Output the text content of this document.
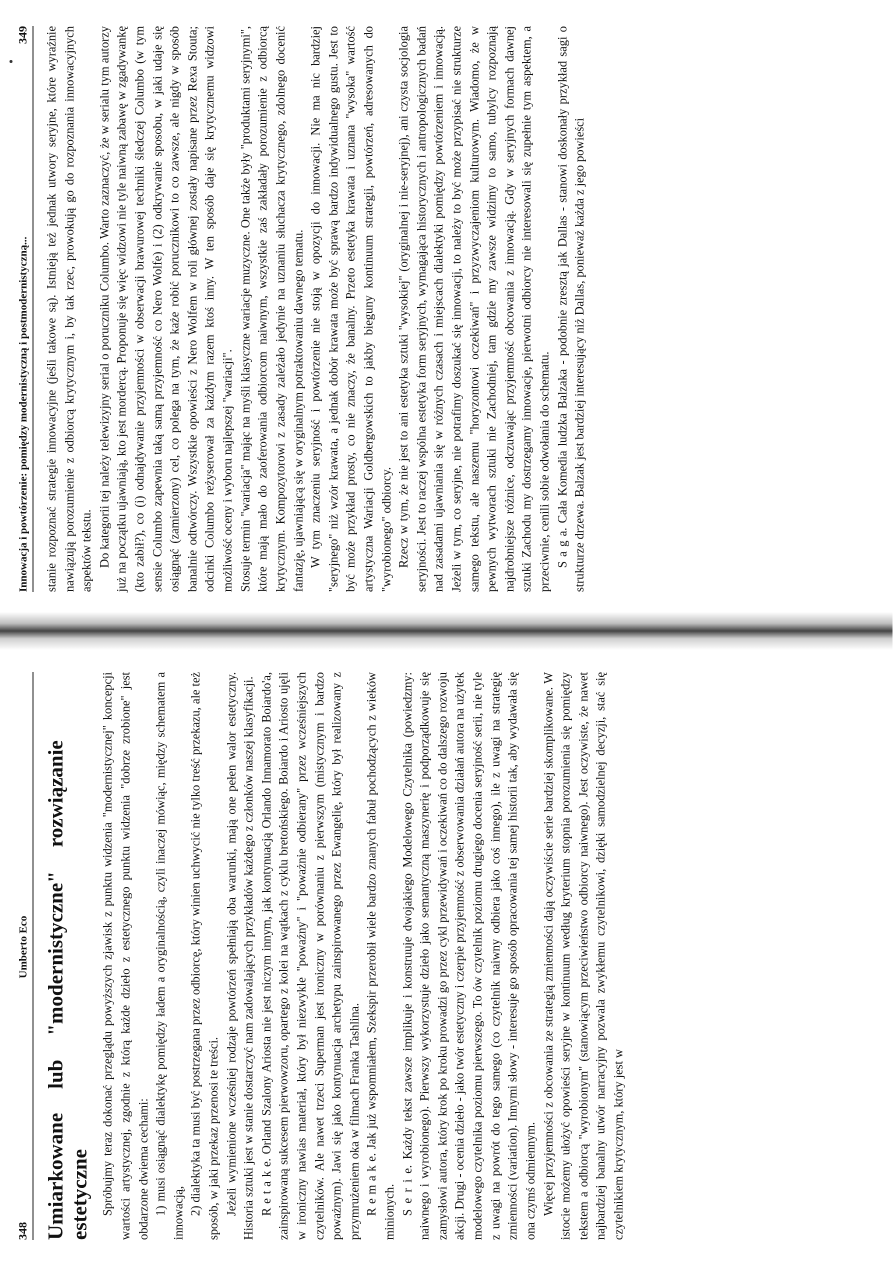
348
Umberto Eco
Umiarkowane
lub
"modernistyczne"
rozwiązanie
estetyczne Spróbujmy teraz dokonać przeglądu powyższych zjawisk z punktu widzenia "modernistycznej" koncepcji wartości artystycznej, zgodnie z którą każde dzieło z estetycznego punktu widzenia "dobrze zrobione" jest obdarzone dwiema cechami: 1) musi osiągnąć dialektykę pomiędzy ładem a oryginalnością, czyli inaczej mówiąc, między schematem a innowacją, 2) dialektyka ta musi być postrzegana przez odbiorcę, który winien uchwycić nie tylko treść przekazu, ale też sposób, w jaki przekaz przenosi te treści. Jeżeli wymienione wcześniej rodzaje powtórzeń spełniają oba warunki, mają one pełen walor estetyczny. Historia sztuki jest w stanie dostarczyć nam zadowalających przykładów każdego z członków naszej klasyfikacji. R e t a k e. Orland Szalony Ariosta nie jest niczym innym, jak kontynuacją Orlando Innamorato Boiardo'a, zainspirowaną sukcesem pierwowzoru, opartego z kolei na wątkach z cyklu bretońskiego. Boiardo i Ariosto ujęli w ironiczny nawias materiał, który był niezwykle "powaźny" i "poważnie odbierany" przez wcześniejszych czytelników. Ale nawet trzeci Superman jest ironiczny w porównaniu z pierwszym (mistycznym i bardzo poważnym). Jawi się jako kontynuacja archetypu zainspirowanego przez Ewangelię, który był realizowany z przymrużeniem oka w filmach Franka Tashlina. R e m a k e. Jak już wspomniałem, Szekspir przerobił wiele bardzo znanych fabuł pochodzących z wieków minionych. S e r i e. Każdy tekst zawsze implikuje i konstruuje dwojakiego Modelowego Czytelnika (powiedzmy: naiwnego i wyrobionego). Pierwszy wykorzystuje dzieło jako semantyczną maszynerię i podporządkowuje się zamysłowi autora, który krok po kroku prowadzi go przez cykl przewidywań i oczekiwań co do dalszego rozwoju akcji. Drugi - ocenia dzieło - jako twór estetyczny i czerpie przyjemność z obserwowania działań autora na użytek modelowego czytelnika poziomu pierwszego. To ów czytelnik poziomu drugiego docenia seryjność serii, nie tyle z uwagi na powrót do tego samego (co czytelnik naiwny odbiera jako coś innego), ile z uwagi na strategię zmienności (variation). Innymi słowy - interesuje go sposób opracowania tej samej historii tak, aby wydawała się ona czymś odmiennym. Więcej przyjemności z obcowania ze strategią zmienności dają oczywiście serie bardziej skomplikowane. W istocie możemy ułożyć opowieści seryjne w kontinuum według kryterium stopnia porozumienia się pomiędzy tekstem a odbiorcą "wyrobionym" (stanowiącym przeciwieństwo odbiorcy naiwnego). Jest oczywiste, że nawet najbardziej banalny utwór narracyjny pozwala zwykłemu czytelnikowi, dzięki samodzielnej decyzji, stać się czytelnikiem krytycznym, który jest w

Innowacja i powtórzenie: pomiędzy modernistyczną i postmodernistyczną...
349 stanie rozpoznać strategie innowacyjne (jeśli takowe są). Istnieją też jednak utwory seryjne, które wyraźnie nawiązują porozumienie z odbiorcą krytycznym i, by tak rzec, prowokują go do rozpoznania innowacyjnych aspektów tekstu. Do kategorii tej należy telewizyjny serial o poruczniku Columbo. Warto zaznaczyć, że w serialu tym autorzy już na początku ujawniają, kto jest mordercą. Proponuje się więc widzowi nie tyle naiwną zabawę w zgadywankę (kto zabił?), co (i) odnajdywanie przyjemności w obserwacji brawurowej techniki śledczej Columbo (w tym sensie Columbo zapewnia taką samą przyjemność co Nero Wolfe) i (2) odkrywanie sposobu, w jaki udaje się osiągnąć (zamierzony) cel, co polega na tym, że każe robić porucznikowi to co zawsze, ale nigdy w sposób banalnie odtwórczy. Wszystkie opowieści z Nero Wolfem w roli głównej zostały napisane przez Rexa Stouta; odcinki Columbo reżyserował za każdym razem ktoś inny. W ten sposób daje się krytycznemu widzowi możliwość oceny i wyboru najlepszej "wariacji". Stosuje termin "wariacja" mając na myśli klasyczne wariacje muzyczne. One także były "produktami seryjnymi", które mają mało do zaoferowania odbiorcom naiwnym, wszystkie zaś zakładały porozumienie z odbiorcą krytycznym. Kompozytorowi z zasady zależało jedynie na uznaniu słuchacza krytycznego, zdolnego docenić fantazję, ujawniającą się w oryginalnym potraktowaniu dawnego tematu. W tym znaczeniu seryjność i powtórzenie nie stoją w opozycji do innowacji. Nie ma nic bardziej "seryjnego" niż wzór krawata, a jednak dobór krawata może być sprawą bardzo indywidualnego gustu. Jest to być może przykład prosty, co nie znaczy, że banalny. Przeto estetyka krawata i uznana "wysoka" wartość artystyczna Wariacji Goldbergowskich to jakby bieguny kontinuum strategii, powtórzeń, adresowanych do "wyrobionego" odbiorcy. Rzecz w tym, że nie jest to ani estetyka sztuki "wysokiej" (oryginalnej i nie-seryjnej), ani czysta socjologia seryjności. Jest to raczej wspólna estetyka form seryjnych, wymagająca historycznych i antropologicznych badań nad zasadami ujawniania się w różnych czasach i miejscach dialektyki pomiędzy powtórzeniem i innowacją. Jeżeli w tym, co seryjne, nie potrafimy doszukać się innowacji, to należy to być może przypisać nie strukturze samego tekstu, ale naszemu "horyzontowi oczekiwań" i przyzwyczajeniom kulturowym. Wiadomo, że w pewnych wytworach sztuki nie Zachodniej, tam gdzie my zawsze widzimy to samo, tubylcy rozpoznają najdrobniejsze różnice, odczuwając przyjemność obcowania z innowacją. Gdy w seryjnych formach dawnej sztuki Zachodu my dostrzegamy innowacje, pierwotni odbiorcy nie interesowali się zupełnie tym aspektem, a przeciwnie, cenili sobie odwołania do schematu. S a g a. Cała Komedia ludzka Balzaka - podobnie zresztą jak Dallas - stanowi doskonały przykład sagi o strukturze drzewa. Balzak jest bardziej interesujący niż Dallas, ponieważ każda z jego powieści
